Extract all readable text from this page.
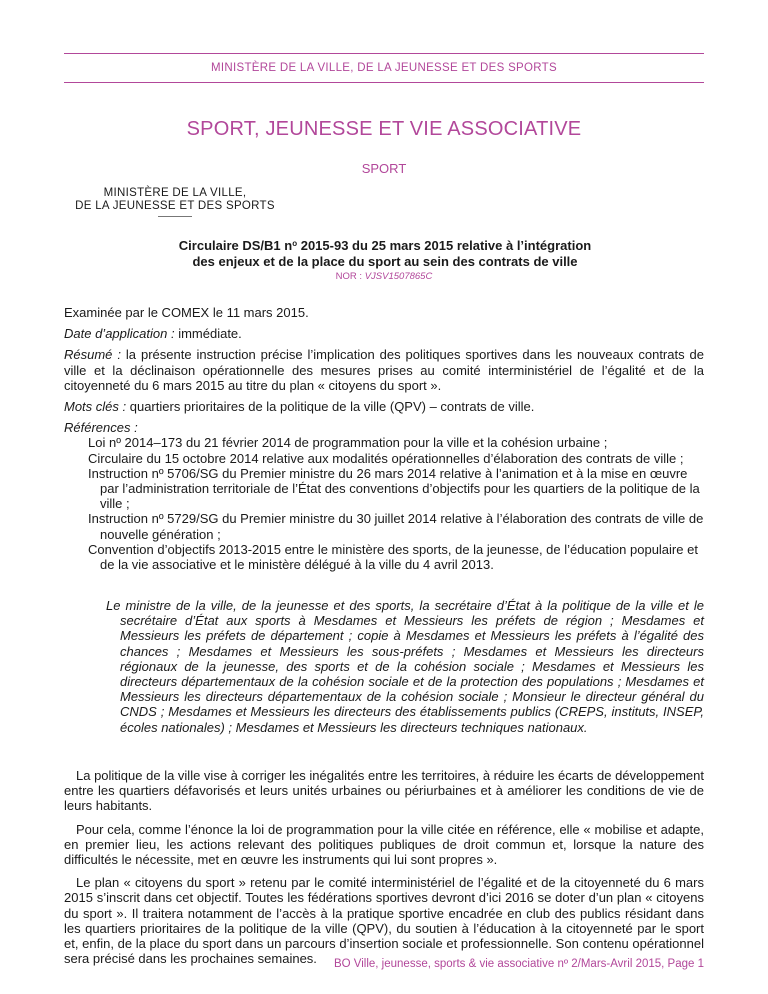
MINISTÈRE DE LA VILLE, DE LA JEUNESSE ET DES SPORTS
SPORT, JEUNESSE ET VIE ASSOCIATIVE
SPORT
MINISTÈRE DE LA VILLE,
DE LA JEUNESSE ET DES SPORTS
Circulaire DS/B1 $n^o$ 2015-93 du 25 mars 2015 relative à l’intégration
des enjeux et de la place du sport au sein des contrats de ville
NOR : VJSV1507865C

Examinée par le COMEX le 11 mars 2015.

Date d’application : immédiate.

Résumé : la présente instruction précise l’implication des politiques sportives dans les nouveaux contrats de ville et la déclinaison opérationnelle des mesures prises au comité interministériel de l’égalité et de la citoyenneté du 6 mars 2015 au titre du plan « citoyens du sport ».

Mots clés : quartiers prioritaires de la politique de la ville (QPV) – contrats de ville.

Références :

Loi nº 2014–173 du 21 février 2014 de programmation pour la ville et la cohésion urbaine ;
Circulaire du 15 octobre 2014 relative aux modalités opérationnelles d’élaboration des contrats de ville ;
Instruction nº 5706/SG du Premier ministre du 26 mars 2014 relative à l’animation et à la mise en œuvre par l’administration territoriale de l’État des conventions d’objectifs pour les quartiers de la politique de la ville ;
Instruction nº 5729/SG du Premier ministre du 30 juillet 2014 relative à l’élaboration des contrats de ville de nouvelle génération ;
Convention d’objectifs 2013-2015 entre le ministère des sports, de la jeunesse, de l’éducation populaire et de la vie associative et le ministère délégué à la ville du 4 avril 2013.
Le ministre de la ville, de la jeunesse et des sports, la secrétaire d’État à la politique de la ville et le secrétaire d’État aux sports à Mesdames et Messieurs les préfets de région ; Mesdames et Messieurs les préfets de département ; copie à Mesdames et Messieurs les préfets à l’égalité des chances ; Mesdames et Messieurs les sous-préfets ; Mesdames et Messieurs les directeurs régionaux de la jeunesse, des sports et de la cohésion sociale ; Mesdames et Messieurs les directeurs départementaux de la cohésion sociale et de la protection des populations ; Mesdames et Messieurs les directeurs départementaux de la cohésion sociale ; Monsieur le directeur général du CNDS ; Mesdames et Messieurs les directeurs des établissements publics (CREPS, instituts, INSEP, écoles nationales) ; Mesdames et Messieurs les directeurs techniques nationaux.

La politique de la ville vise à corriger les inégalités entre les territoires, à réduire les écarts de développement entre les quartiers défavorisés et leurs unités urbaines ou périurbaines et à améliorer les conditions de vie de leurs habitants.

Pour cela, comme l’énonce la loi de programmation pour la ville citée en référence, elle « mobilise et adapte, en premier lieu, les actions relevant des politiques publiques de droit commun et, lorsque la nature des difficultés le nécessite, met en œuvre les instruments qui lui sont propres ».

Le plan « citoyens du sport » retenu par le comité interministériel de l’égalité et de la citoyenneté du 6 mars 2015 s’inscrit dans cet objectif. Toutes les fédérations sportives devront d’ici 2016 se doter d’un plan « citoyens du sport ». Il traitera notamment de l’accès à la pratique sportive encadrée en club des publics résidant dans les quartiers prioritaires de la politique de la ville (QPV), du soutien à l’éducation à la citoyenneté par le sport et, enfin, de la place du sport dans un parcours d’insertion sociale et professionnelle. Son contenu opérationnel sera précisé dans les prochaines semaines.	BO Ville, jeunesse, sports & vie associative nº 2/Mars-Avril 2015, Page 1
